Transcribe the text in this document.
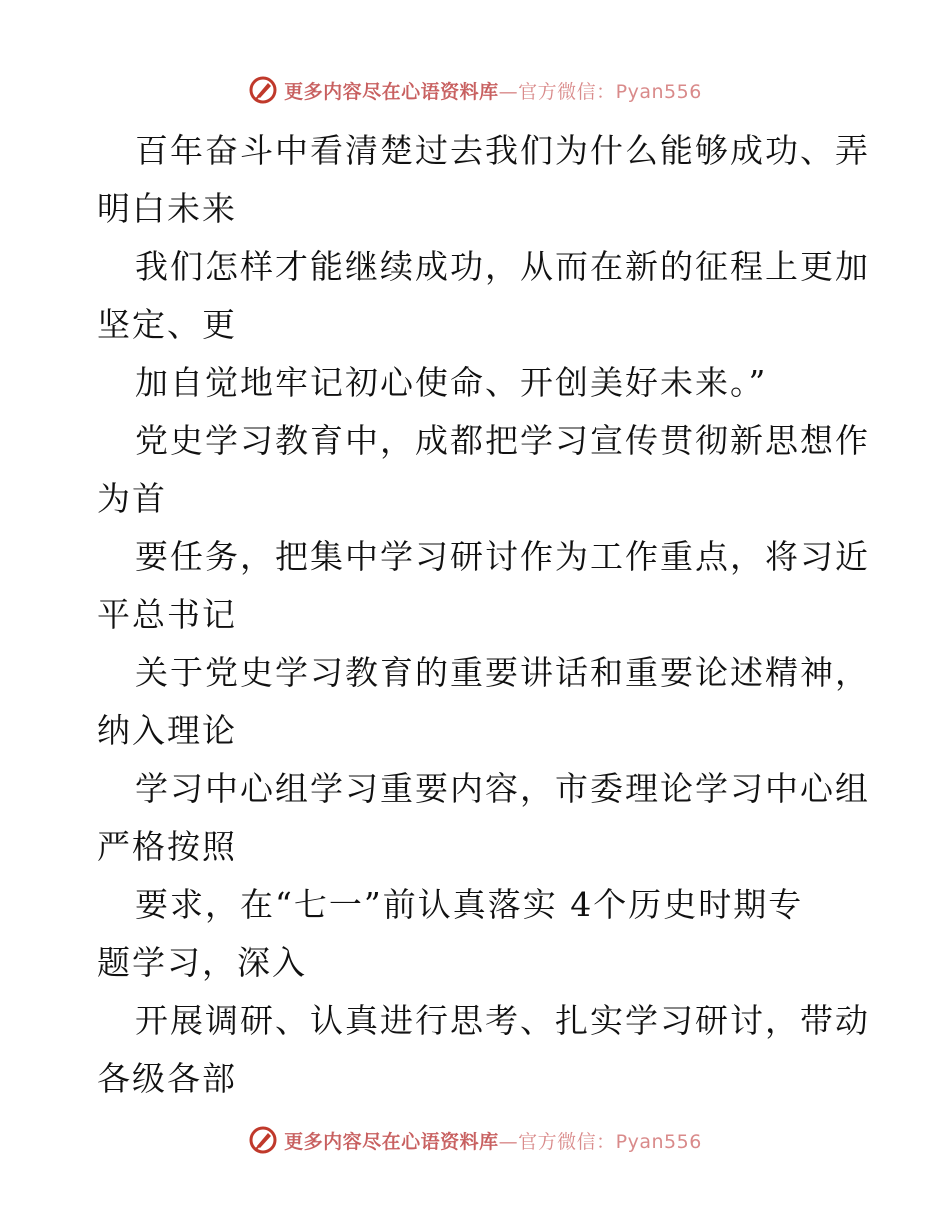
更多内容尽在心语资料库—官方微信：Pyan556
百年奋斗中看清楚过去我们为什么能够成功、弄
明白未来
我们怎样才能继续成功，从而在新的征程上更加
坚定、更
加自觉地牢记初心使命、开创美好未来。”
党史学习教育中，成都把学习宣传贯彻新思想作
为首
要任务，把集中学习研讨作为工作重点，将习近
平总书记
关于党史学习教育的重要讲话和重要论述精神，
纳入理论
学习中心组学习重要内容，市委理论学习中心组
严格按照
要求，在“七一”前认真落实 4个历史时期专
题学习，深入
开展调研、认真进行思考、扎实学习研讨，带动
各级各部
更多内容尽在心语资料库—官方微信：Pyan556
